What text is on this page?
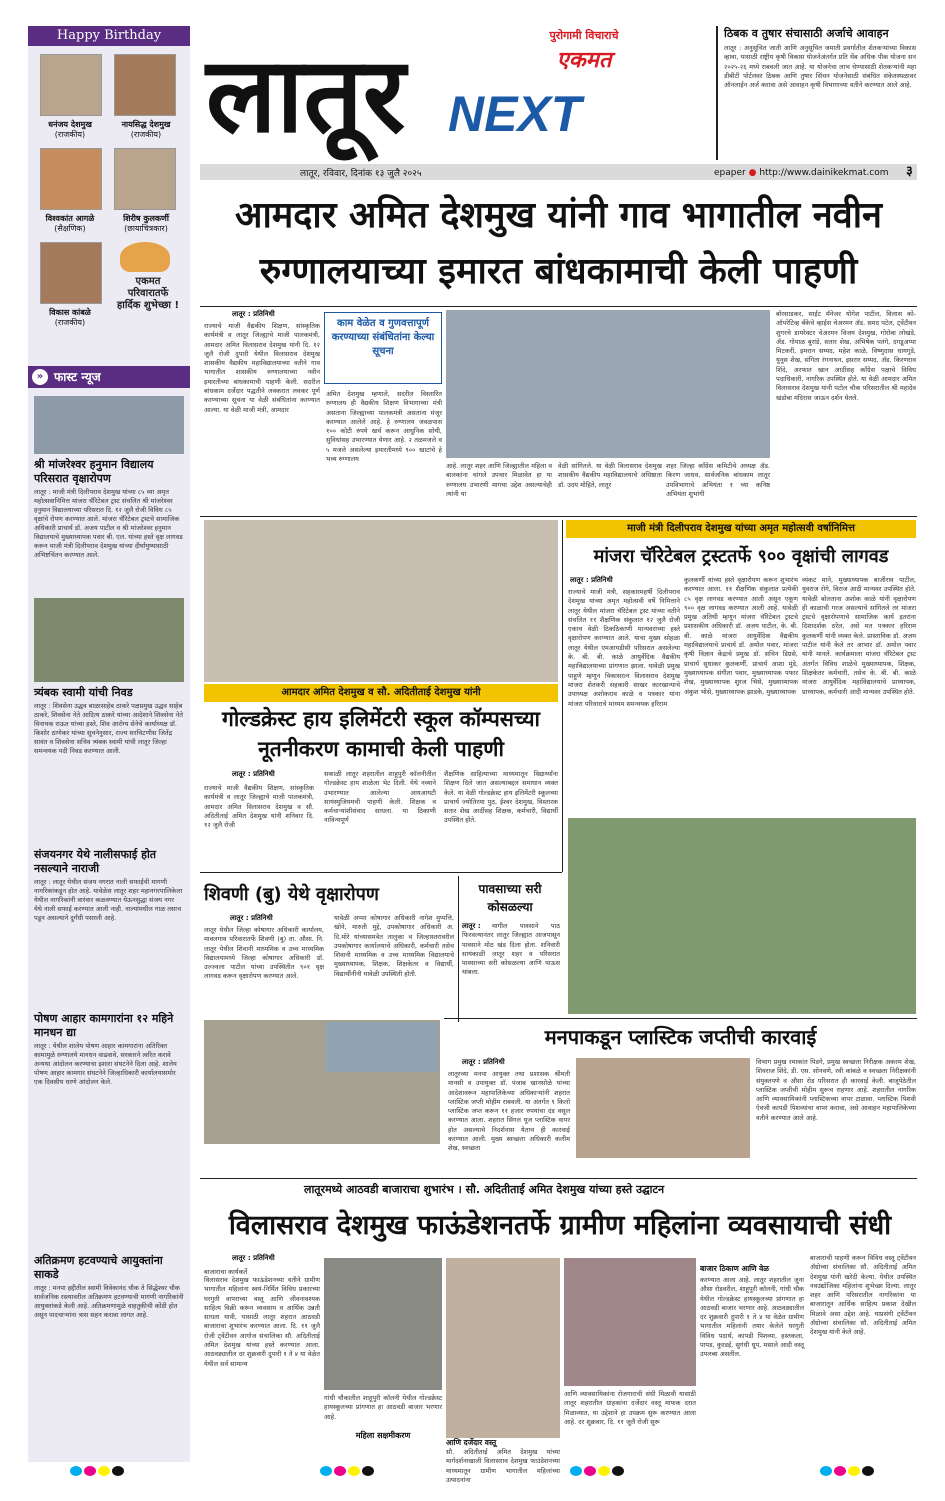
Happy Birthday
धनंजय देशमुख
(राजकीय)
नायसिद्ध देशमुख
(राजकीय)
विश्वकांत आगळे
(सैक्षणिक)
शिरीष कुलकर्णी
(छायाचित्रकार)
विकास कांबळे
(राजकीय)
एकमत
परिवारातर्फे
हार्दिक शुभेच्छा !
» फास्ट न्यूज
श्री मांजरेश्वर हनुमान विद्यालय परिसरात वृक्षारोपण
लातूर : माजी मंत्री दिलीपराव देशमुख यांच्या ८५ व्या अमृत महोत्सवानिमित्त मांजरा चॅरिटेबल ट्रस्ट संचलित श्री मांजरेश्वर हनुमान विद्यालयाच्या परिसरात दि. १२ जुलै रोजी विविध ८५ वृक्षांचे रोपण करण्यात आले. मांजरा चॅरिटेबल ट्रस्टचे सामाजिक अधिकारी प्राचार्य डॉ. अजय पाटील व श्री मांजरेश्वर हनुमान विद्यालयाचे मुख्याध्यापक पवार बी. एल. यांच्या हस्ते वृक्ष लागवड करून माजी मंत्री दिलीपराव देशमुख यांच्या दीर्घायुष्यासाठी अभिष्टचिंतन करण्यात आले.
त्र्यंबक स्वामी यांची निवड
लातूर : शिवसेना उद्धव बाळासाहेब ठाकरे पक्षप्रमुख उद्धव साहेब ठाकरे, शिवसेना नेते आदित्य ठाकरे यांच्या आदेशाने शिवसेना नेते विनायक राऊत यांच्या हस्ते, शिव आरोग्य सेनेचे कार्याध्यक्ष डॉ. किशोर ठाणेकर यांच्या सूचनेनुसार, राज्य सरचिटणीस जितेंद्र सावंत व शिवसेना सचिव त्र्यंबक स्वामी यांची लातूर जिल्हा समन्वयक पदी निवड करण्यात आली.
संजयनगर येथे नालीसफाई होत नसल्याने नाराजी
लातूर : लातूर येथील संजय नगरात नाली सफाईची मागणी नागरिकांकडून होत आहे. यावेळेस लातूर शहर महानगरपालिकेला येथील नागरिकांनी वारंवार कळवण्यात येऊनसुद्धा संजय नगर येथे नाली सफाई करण्यात आली नाही. नाल्यांमधील गाळ तसाच पडून असल्याने दुर्गंधी पसरली आहे.
पोषण आहार कामगारांना १२ महिने मानधन द्या
लातूर : येथील शालेय पोषण आहार कामगारांना अतिरिक्त कामामुळे रुग्णालये मानधन वाढवावे, सरकारने त्वरित करावे अन्यथा आंदोलन करण्याचा इशारा संघटनेने दिला आहे. शालेय पोषण आहार कामगार संघटनेने जिल्हाधिकारी कार्यालयासमोर एक दिवसीय धरणे आंदोलन केले.
अतिक्रमण हटवण्याचे आयुक्तांना साकडे
लातूर : मनपा हद्दीतील स्वामी विवेकानंद चौक ते सिद्धेश्वर चौक सार्वजनिक रस्त्यावरील अतिक्रमण हटवण्याची मागणी नागरिकांनी आयुक्तांकडे केली आहे. अतिक्रमणामुळे वाहतुकीची कोंडी होत असून पादचाऱ्यांना त्रास सहन करावा लागत आहे.
लातूर	पुरोगामी विचाराचे
एकमत
NEXT
ठिबक व तुषार संचासाठी अर्जाचे आवाहन
लातूर : अनुसूचित जाती आणि अनुसूचित जमाती प्रवर्गातील शेतकऱ्यांच्या विकास व्हावा, यासाठी राष्ट्रीय कृषी विकास योजनेअंतर्गत प्रति थेंब अधिक पीक योजना सन २०२५-२६ मध्ये राबवली जात आहे. या योजनेचा लाभ घेण्यासाठी शेतकऱ्यांनी महा डीबीटी पोर्टलवर ठिबक आणि तुषार सिंचन योजनेसाठी संबंधित संकेतस्थळावर ऑनलाईन अर्ज करावा असे आवाहन कृषी विभागाच्या वतीने करण्यात आले आहे.
लातूर, रविवार, दिनांक १३ जुलै २०२५	epaper ● http://www.dainikekmat.com	३
आमदार अमित देशमुख यांनी गाव भागातील नवीन रुग्णालयाच्या इमारत बांधकामाची केली पाहणी
लातूर : प्रतिनिधी
राज्याचे माजी वैद्यकीय शिक्षण, सांस्कृतिक कार्यमंत्री व लातूर जिल्ह्याचे माजी पालकमंत्री, आमदार अमित विलासराव देशमुख यांनी दि. १२ जुलै रोजी दुपारी येथील विलासराव देशमुख शासकीय वैद्यकीय महाविद्यालयाच्या वतीने गाव भागातील शासकीय रुग्णालयाच्या नवीन इमारतीच्या बांधकामाची पाहणी केली. सदरील बांधकाम दर्जेदार पद्धतीने लवकरात लवकर पूर्ण करण्याच्या सूचना या वेळी संबंधितांना करण्यात आल्या. या वेळी माजी मंत्री, आमदार
काम वेळेत व गुणवत्तापूर्ण करण्याच्या संबंधितांना केल्या सूचना
अमित देशमुख म्हणाले, सदरील विस्तारित रुग्णालय ही वैद्यकीय शिक्षण विभागाच्या मंत्री असताना जिल्ह्याच्या पालकमंत्री असताना मंजूर करण्यात आलेले आहे. हे रुग्णालय जवळपास १०० कोटी रुपये खर्च करून आधुनिक सोयी, सुविधांसह उभारण्यात येणार आहे. २ तळमजले व ५ मजले असलेल्या इमारतीमध्ये ९०० खाटांचे हे भव्य रुग्णालय
आहे. लातूर शहर आणि जिल्ह्यातील महिला व बालकांना चांगले उपचार मिळावेत हा या रुग्णालय उभारणी मागचा उद्देश असल्याचेही त्यांनी या
वेळी सांगितले. या वेळी विलासराव देशमुख शासकीय वैद्यकीय महाविद्यालयाचे अधिष्ठाता डॉ. उदय मोहिते, लातूर
शहर जिल्हा काँग्रेस कमिटीचे अध्यक्ष ॲड. किरण जाधव, सार्वजनिक बांधकाम लातूर उपविभागाचे अभियंता १ च्या कनिष्ठ अभियंता शुभांगी
बोरसाडकर, साईट मॅनेजर योगेश पाटील, विलास को-ऑपरेटिव्ह बँकेचे व्हाईस चेअरमन ॲड. समद पटेल, ट्वेंटीवन शुगरचे डायरेक्टर चेअरमन विजय देशमुख, गोरोबा लोखंडे, ॲड. गोपाळ बुरांडे, सतार शेख, अभिषेक पतंगे, दगडूअप्पा मिटकरी, इमरान सय्यद, महेश काळे, विष्णुदास धायगुडे, युनूस शेख, संगिता रंगनाथन, इसरार सय्यद, ॲड. किरणराव शिंदे, अरफात खान आदींसह काँग्रेस पक्षाचे विविध पदाधिकारी, नागरिक उपस्थित होते. या वेळी आमदार अमित विलासराव देशमुख यांनी पटोल चौक परिसरातील श्री महादेव खंडोबा मंदिरास जाऊन दर्शन घेतले.
आमदार अमित देशमुख व सौ. अदितीताई देशमुख यांनी
गोल्डक्रेस्ट हाय इलिमेंटरी स्कूल कॉम्पसच्या नूतनीकरण कामाची केली पाहणी
लातूर : प्रतिनिधी
राज्याचे माजी वैद्यकीय शिक्षण, सांस्कृतिक कार्यमंत्री व लातूर जिल्ह्याचे माजी पालकमंत्री, आमदार अमित विलासराव देशमुख व सौ. अदितीताई अमित देशमुख यांनी शनिवार दि. १२ जुलै रोजी
सकाळी लातूर शहरातील शाहूपुरी कॉलनीतील गोल्डक्रेस्ट हाय शाळेला भेट दिली. येथे नव्याने उभारण्यात आलेल्या आयआयटी सायंस्युजियमची पाहणी केली. शिक्षक व कर्मचाऱ्यांशीसंवाद साधला. या ठिकाणी नाविन्यपूर्ण
शैक्षणिक साहित्याच्या माध्यमातून विद्यार्थ्यांना शिक्षण दिले जात असल्याबद्दल समाधान व्यक्त केले. या वेळी गोल्डक्रेस्ट हाय इलिमेंटरी स्कूलच्या प्राचार्य ज्योतिरमा पुठ, ईश्वर देशमुख, विस्तारक सतार शेख आदींसह शिक्षक, कर्मचारी, विद्यार्थी उपस्थित होते.
माजी मंत्री दिलीपराव देशमुख यांच्या अमृत महोत्सवी वर्षानिमित्त
मांजरा चॅरिटेबल ट्रस्टतर्फे ९०० वृक्षांची लागवड
लातूर : प्रतिनिधी
राज्याचे माजी मंत्री, सहकारमहर्षी दिलीपराव देशमुख यांच्या अमृत महोत्सवी वर्षे निमित्ताने लातूर येथील मांजरा चॅरिटेबल ट्रस्ट यांच्या वतीने संचलित ११ शैक्षणिक संकुलात १२ जुलै रोजी एकाच वेळी ठिकठिकाणी मान्यवरांच्या हस्ते वृक्षारोपण करण्यात आले. याचा मुख्य सोहळा लातूर येथील एमआयडीसी परिसरात असलेल्या के. बी. बी. काळे आयुर्वेदिक वैद्यकीय महाविद्यालयाच्या प्रांगणात झाला. यावेळी प्रमुख पाहुणे म्हणून विकासरत्न विलासराव देशमुख मांजरा शेतकरी सहकारी साखर कारखान्याचे उपाध्यक्ष अशोकराव काळे व पत्रकार यांना मांजरा परिवाराचे माध्यम समन्वयक हरिराम
कुलकर्णी यांच्या हस्ते वृक्षारोपण करून शुभारंभ करण्यात आला. ११ शैक्षणिक संकुलात प्रत्येकी ८५ वृक्ष लागवड करण्यात आली असून एकूण ९०० वृक्ष लागवड करण्यात आली आहे. यावेळी प्रमुख अतिथी म्हणून मांजरा चॅरिटेबल ट्रस्टचे प्रशासकीय अधिकारी डॉ. अजय पाटील, के. बी. बी. काळे मांजरा आयुर्वेदिक वैद्यकीय महाविद्यालयाचे प्राचार्य डॉ. अमोल पवार, मांजरा कृषी विज्ञान केंद्राचे प्रमुख डॉ. सचिन डिग्रसे, प्राचार्य सुधाकर कुलकर्णी, प्राचार्य आशा मुंडे, मुख्याध्यापक संगीता पवार, मुख्याध्यापक पफार शेख, मुख्याध्यापक शुरज भिसे, मुख्याध्यापक अंकुश भोसे, मुख्याध्यापक झाडके, मुख्याध्यापक
व्यंकट माने, मुख्याध्यापक बाजीराव पाटील, युवराज रोगे, विराज आदी मान्यवर उपस्थित होते. यावेळी बोलताना अशोक काळे यांनी वृक्षारोपण ही काळाची गरज असल्याचे सांगितले तर मांजरा ट्रस्टचे वृक्षारोपणाचे सामाजिक कार्य इतरांना दिशादर्शक ठरेल, असे मत पत्रकार हरिराम कुलकर्णी यांनी व्यक्त केले. प्रास्ताविक डॉ. अजय पाटील यांनी केले तर आभार डॉ. अमोल पवार यांनी मानले. कार्यक्रमाला मांजरा चॅरिटेबल ट्रस्ट अंतर्गत विविध शाळेचे मुख्याध्यापक, शिक्षक, शिक्षकेतर कर्मचारी, तसेच के. बी. बी. काळे मांजरा आयुर्वेदिक महाविद्यालयाचे प्राध्यापक, प्राध्यापक, कर्मचारी आदी मान्यवर उपस्थित होते.
शिवणी (बु) येथे वृक्षारोपण
लातूर : प्रतिनिधी
लातूर येथील जिल्हा कोषागार अधिकारी कार्यालय, मावलगाव परिवारातर्फे शिवणी (बु) ता. औसा. नि. लातूर येथील शिवानी माध्यमिक व उच्च माध्यमिक विद्यालयामध्ये जिल्हा कोषागार अधिकारी डॉ. उज्ज्वला पाटील यांच्या उपस्थितीत ९०१ वृक्ष लागवड करून वृक्षारोपण करण्यात आले.
यावेळी अप्पर कोषागार अधिकारी नागेश मुप्पत्ति, खोने, मारुती मुद्दे, उपकोषागार अधिकारी अ. दि.मोरे यांच्यासमवेत तालुका व जिल्हास्तरावरील उपकोषागार कार्यालयाचे अधिकारी, कर्मचारी तसेच शिवानी माध्यमिक व उच्च माध्यमिक विद्यालयाचे मुख्याध्यापक, शिक्षक, शिक्षकेतर व विद्यार्थी, विद्यार्थीनींनी यावेळी उपस्थिती होती.
पावसाच्या सरी कोसळल्या
लातूर :	मागील पावसाने पाठ फिरवल्यानंतर लातूर जिल्ह्यात आजपासून पावसाने मोठ खंड दिला होता. शनिवारी सायंकाळी लातूर शहर व परिसरात पावसाच्या सरी कोसळल्या आणि पाऊस थांबला.
मनपाकडून प्लास्टिक जप्तीची कारवाई
लातूर : प्रतिनिधी
लातूरच्या मनपा आयुक्त तथा प्रशासक श्रीमती मानसी व उपायुक्त डॉ. पंजाब खानसोळे यांच्या आदेशावरून महापालिकेच्या अधिकाऱ्यांनी शहरात प्लास्टिक जप्ती मोहीम राबवली. या अंतर्गत ९ किलो प्लास्टिक जप्त करून ११ हजार रुपयांचा दंड वसूल करण्यात आला. शहरात सिंगल यूज प्लास्टिक वापर होत असल्याचे निदर्शनास येताच ही कारवाई करण्यात आली. मुख्य स्वच्छता अधिकारी कलीम शेख, स्वच्छता
विभाग प्रमुख रमाकांत पिडगे, प्रमुख स्वच्छता निरीक्षक अकरम शेख, शिवराज शिंदे, डी. एस. सोनवणे, रवी कांबळे व स्वच्छता निरीक्षकांनी संयुक्तपणे व औसा रोड परिसरात ही कारवाई केली. बाजूपेठेतील प्लास्टिक जप्तीची मोहीम सुरूच राहणार आहे. शहरातील नागरिक आणि व्यावसायिकांनी प्लास्टिकच्या वापर टाळावा. प्लास्टिक पिशवी ऐवजी कापडी पिशव्यांचा वापर करावा, असे आवाहन महापालिकेच्या वतीने करण्यात आले आहे.
लातूरमध्ये आठवडी बाजाराचा शुभारंभ । सौ. अदितीताई अमित देशमुख यांच्या हस्ते उद्घाटन
विलासराव देशमुख फाऊंडेशनतर्फे ग्रामीण महिलांना व्यवसायाची संधी
लातूर : प्रतिनिधी
बाजाराचा कार्यकर्ते
विलासराव देशमुख फाऊंडेशनच्या वतीने ग्रामीण भागातील महिलांना स्वयं-निर्मित विविध प्रकारच्या घरगुती वापराच्या वस्तू आणि जीवनावश्यक साहित्य विक्री करून व्यवसाय व आर्थिक उन्नती साधता यावी, यासाठी लातूर शहरात आठवडी बाजाराचा शुभारंभ करण्यात आला. दि. ११ जुलै रोजी ट्वेंटीवन आगोज संचालिका सौ. अदितीताई अमित देशमुख यांच्या हस्ते करण्यात आला. आठवड्यातील दर शुक्रवारी दुपारी १ ते ४ या वेळेत येथील सर्व सामान्य
गांधी चौकातील शाहूपुरी कॉलनी येथील गोल्डक्रेस्ट हायस्कूलच्या प्रांगणात हा आठवडी बाजार भरणार आहे.
महिला सक्षमीकरण
आणि दर्जेदार वस्तू
सौ. अदितीताई अमित देशमुख यांच्या मार्गदर्शनाखाली विलासराव देशमुख फाउंडेशनच्या माध्यमातून ग्रामीण भागातील महिलांच्या उत्पादनांना
आणि व्यावसायिकांना रोजगाराची संधी मिळावी यासाठी लातूर शहरातील ग्राहकांना दर्जेदार वस्तू माफक दरात मिळाव्यात, या उद्देशाने हा उपक्रम सुरू करण्यात आला आहे. दर शुक्रवार, दि. ११ जुलै रोजी सुरू
बाजार ठिकाण आणि वेळ
करण्यात आला आहे. लातूर शहरातील जुना औसा रोडवरील, शाहूपुरी कॉलनी, गांधी चौक येथील गोल्डक्रेस्ट हायस्कूलच्या प्रांगणात हा आठवडी बाजार भरणार आहे. आठवड्यातील दर शुक्रवारी दुपारी १ ते ४ या वेळेत ग्रामीण भागातील महिलांनी तयार केलेले घरगुती विविध पदार्थ, कापडी पिशव्या, हस्तकला, पापड, कुरडई, सुगंधी धूप, मसाले आदी वस्तू उपलब्ध असतील.
बाजाराची पाहणी करून विविध वस्तू ट्वेंटीवन ॲग्रोच्या संचालिका सौ. अदितीताई अमित देशमुख यांनी खरेदी केल्या. येथील उपस्थित नवउद्योजिका महिलांना शुभेच्छा दिल्या. लातूर शहर आणि परिसरातील नागरिकांना या बाजारातून आर्थिक साहित्य प्रकाश देखील मिळावे असा उद्देश आहे. याप्रसंगी ट्वेंटीवन ॲग्रोच्या संचालिका सौ. अदितीताई अमित देशमुख यांनी केले आहे.
